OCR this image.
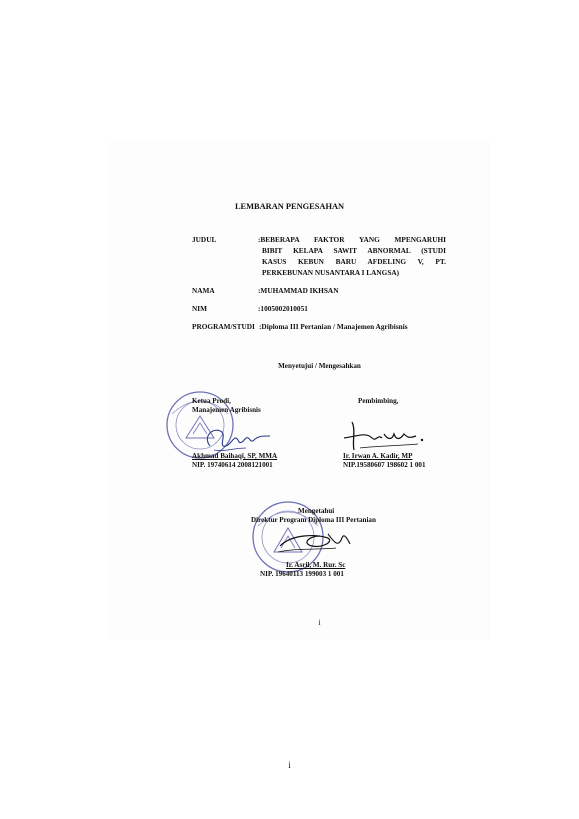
LEMBARAN PENGESAHAN
JUDUL	:BEBERAPA FAKTOR YANG MPENGARUHI
BIBIT KELAPA SAWIT ABNORMAL (STUDI
KASUS KEBUN BARU AFDELING V, PT.
PERKEBUNAN NUSANTARA I LANGSA)
NAMA	:MUHAMMAD IKHSAN
NIM	:1005002010051
PROGRAM/STUDI :Diploma III Pertanian / Manajemen Agribisnis
Menyetujui / Mengesahkan
Ketua Prodi,
Manajemen Agribisnis
Akhmad Baihaqi, SP, MMA
NIP. 19740614 2008121001
Pembimbing,
Ir. Irwan A. Kadir, MP
NIP.19580607 198602 1 001
Mengetahui
Direktur Program Diploma III Pertanian
Ir. Asril, M. Rur. Sc
NIP. 19640113 199003 1 001
i
i
